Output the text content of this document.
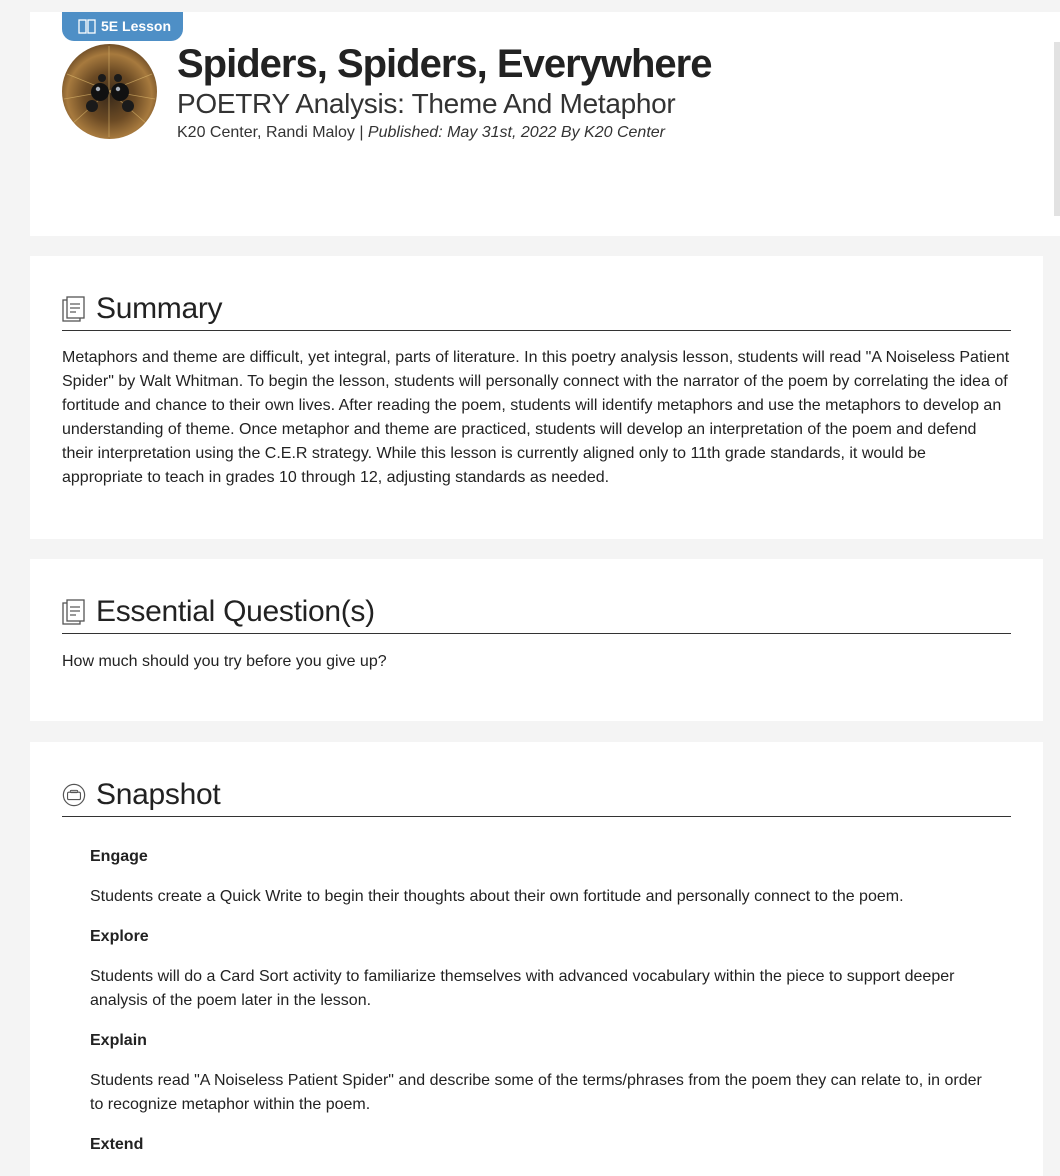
5E Lesson
Spiders, Spiders, Everywhere
POETRY Analysis: Theme And Metaphor
K20 Center, Randi Maloy | Published: May 31st, 2022 By K20 Center
Summary
Metaphors and theme are difficult, yet integral, parts of literature. In this poetry analysis lesson, students will read "A Noiseless Patient Spider" by Walt Whitman. To begin the lesson, students will personally connect with the narrator of the poem by correlating the idea of fortitude and chance to their own lives. After reading the poem, students will identify metaphors and use the metaphors to develop an understanding of theme. Once metaphor and theme are practiced, students will develop an interpretation of the poem and defend their interpretation using the C.E.R strategy. While this lesson is currently aligned only to 11th grade standards, it would be appropriate to teach in grades 10 through 12, adjusting standards as needed.
Essential Question(s)
How much should you try before you give up?
Snapshot
Engage
Students create a Quick Write to begin their thoughts about their own fortitude and personally connect to the poem.
Explore
Students will do a Card Sort activity to familiarize themselves with advanced vocabulary within the piece to support deeper analysis of the poem later in the lesson.
Explain
Students read "A Noiseless Patient Spider" and describe some of the terms/phrases from the poem they can relate to, in order to recognize metaphor within the poem.
Extend
